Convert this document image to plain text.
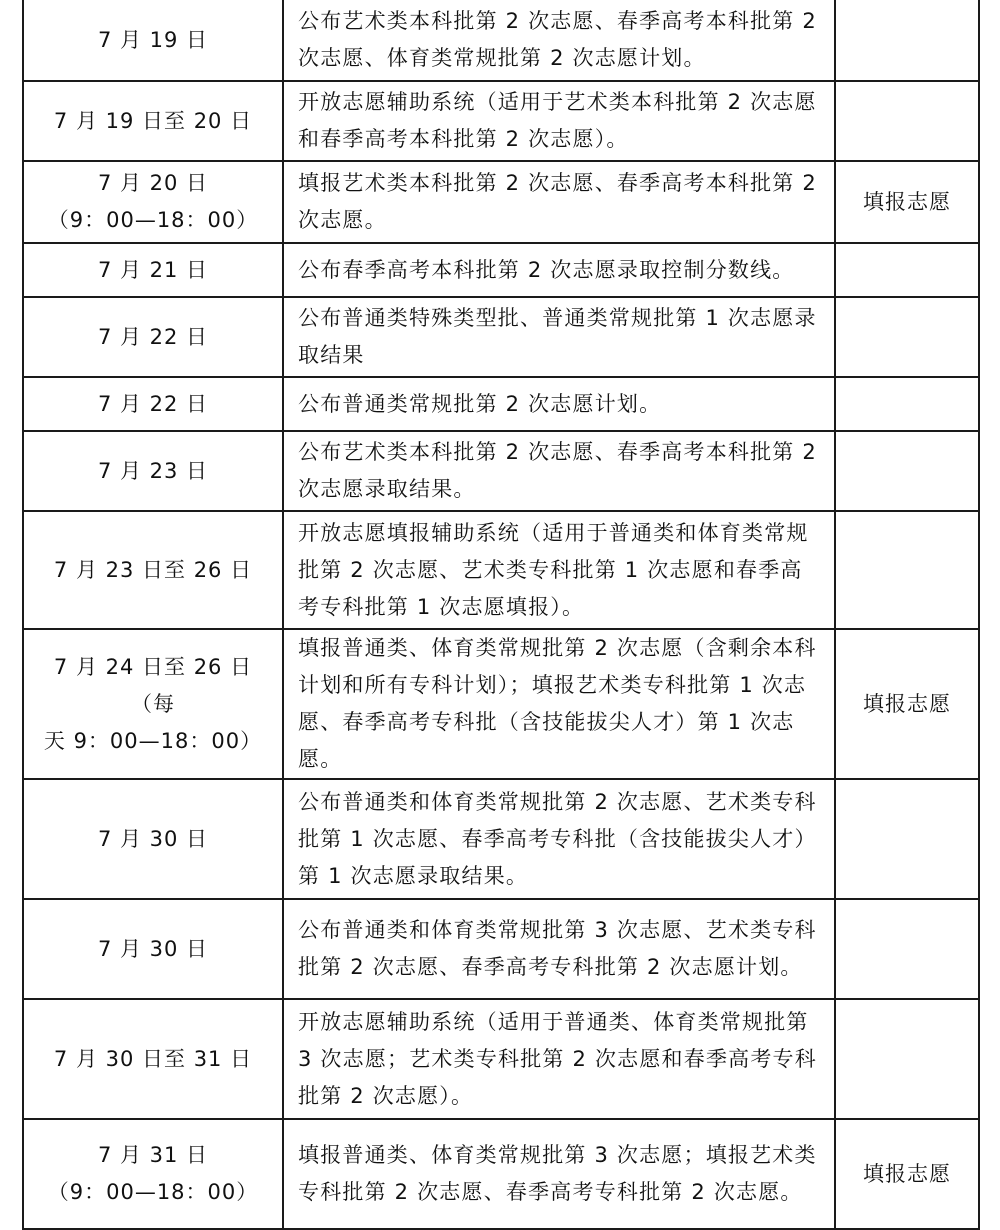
7 月 19 日	公布艺术类本科批第 2 次志愿、春季高考本科批第 2 次志愿、体育类常规批第 2 次志愿计划。	

7 月 19 日至 20 日	开放志愿辅助系统（适用于艺术类本科批第 2 次志愿和春季高考本科批第 2 次志愿）。	

7 月 20 日
（9：00—18：00）	填报艺术类本科批第 2 次志愿、春季高考本科批第 2 次志愿。	填报志愿

7 月 21 日	公布春季高考本科批第 2 次志愿录取控制分数线。	

7 月 22 日	公布普通类特殊类型批、普通类常规批第 1 次志愿录取结果	

7 月 22 日	公布普通类常规批第 2 次志愿计划。	

7 月 23 日	公布艺术类本科批第 2 次志愿、春季高考本科批第 2 次志愿录取结果。	

7 月 23 日至 26 日	开放志愿填报辅助系统（适用于普通类和体育类常规批第 2 次志愿、艺术类专科批第 1 次志愿和春季高考专科批第 1 次志愿填报）。	

7 月 24 日至 26 日（每
天 9：00—18：00）	填报普通类、体育类常规批第 2 次志愿（含剩余本科计划和所有专科计划）；填报艺术类专科批第 1 次志愿、春季高考专科批（含技能拔尖人才）第 1 次志愿。	填报志愿

7 月 30 日	公布普通类和体育类常规批第 2 次志愿、艺术类专科批第 1 次志愿、春季高考专科批（含技能拔尖人才）第 1 次志愿录取结果。	

7 月 30 日	公布普通类和体育类常规批第 3 次志愿、艺术类专科批第 2 次志愿、春季高考专科批第 2 次志愿计划。	

7 月 30 日至 31 日	开放志愿辅助系统（适用于普通类、体育类常规批第 3 次志愿；艺术类专科批第 2 次志愿和春季高考专科批第 2 次志愿）。	

7 月 31 日
（9：00—18：00）	填报普通类、体育类常规批第 3 次志愿；填报艺术类专科批第 2 次志愿、春季高考专科批第 2 次志愿。	填报志愿
